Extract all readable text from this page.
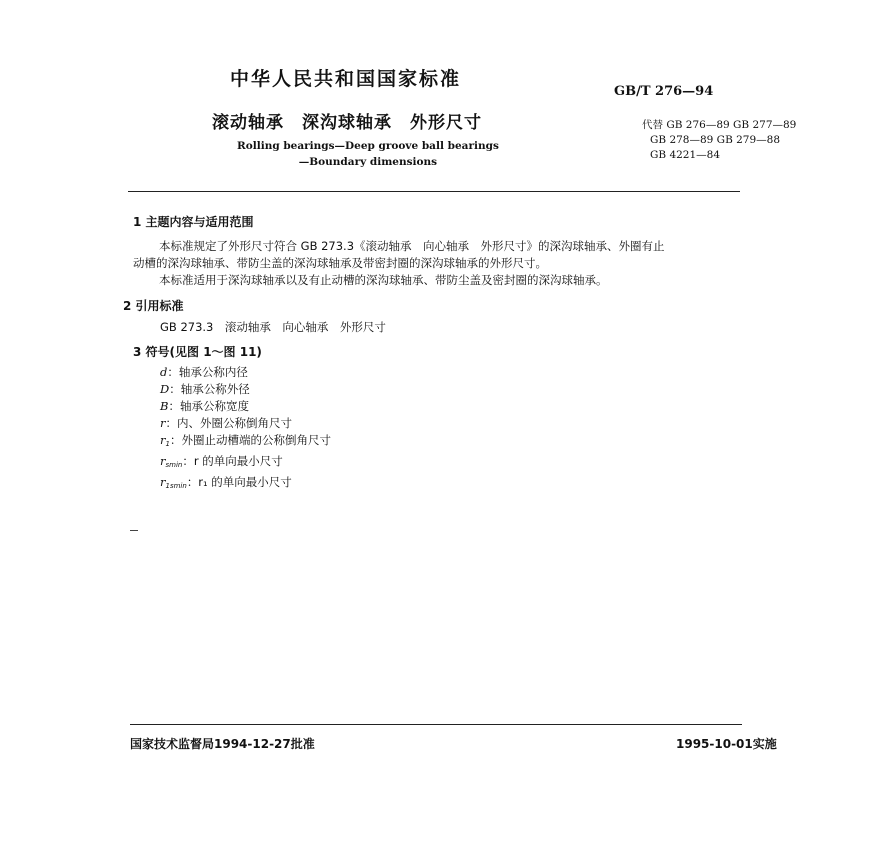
中华人民共和国国家标准
GB/T 276—94
滚动轴承　深沟球轴承　外形尺寸
Rolling bearings—Deep groove ball bearings
—Boundary dimensions
代替 GB 276—89 GB 277—89
GB 278—89 GB 279—88
GB 4221—84
1 主题内容与适用范围
本标准规定了外形尺寸符合 GB 273.3《滚动轴承　向心轴承　外形尺寸》的深沟球轴承、外圈有止
动槽的深沟球轴承、带防尘盖的深沟球轴承及带密封圈的深沟球轴承的外形尺寸。
本标准适用于深沟球轴承以及有止动槽的深沟球轴承、带防尘盖及密封圈的深沟球轴承。
2 引用标准
GB 273.3　滚动轴承　向心轴承　外形尺寸
3 符号(见图 1～图 11)
d：轴承公称内径
D：轴承公称外径
B：轴承公称宽度
r：内、外圈公称倒角尺寸
$r_1$：外圈止动槽端的公称倒角尺寸
$r_{smin}$：r 的单向最小尺寸
$r_{1smin}$：r₁ 的单向最小尺寸
国家技术监督局1994-12-27批准	1995-10-01实施
